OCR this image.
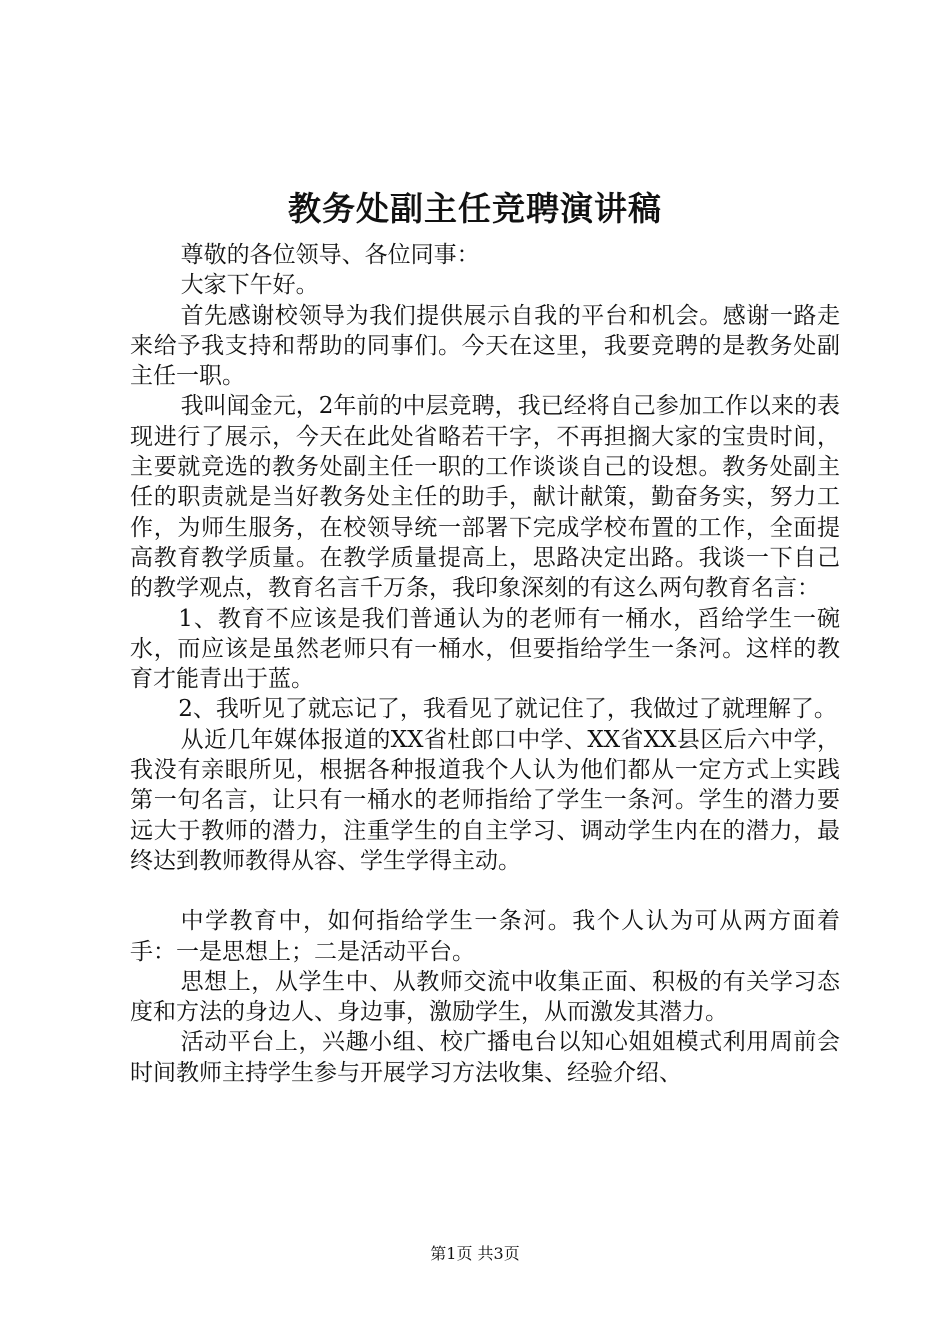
教务处副主任竞聘演讲稿

尊敬的各位领导、各位同事：

大家下午好。

首先感谢校领导为我们提供展示自我的平台和机会。感谢一路走来给予我支持和帮助的同事们。今天在这里，我要竞聘的是教务处副主任一职。

我叫闻金元，2年前的中层竞聘，我已经将自己参加工作以来的表现进行了展示，今天在此处省略若干字，不再担搁大家的宝贵时间，主要就竞选的教务处副主任一职的工作谈谈自己的设想。教务处副主任的职责就是当好教务处主任的助手，献计献策，勤奋务实，努力工作，为师生服务，在校领导统一部署下完成学校布置的工作，全面提高教育教学质量。在教学质量提高上，思路决定出路。我谈一下自己的教学观点，教育名言千万条，我印象深刻的有这么两句教育名言：

1、教育不应该是我们普通认为的老师有一桶水，舀给学生一碗水，而应该是虽然老师只有一桶水，但要指给学生一条河。这样的教育才能青出于蓝。

2、我听见了就忘记了，我看见了就记住了，我做过了就理解了。

从近几年媒体报道的XX省杜郎口中学、XX省XX县区后六中学，我没有亲眼所见，根据各种报道我个人认为他们都从一定方式上实践第一句名言，让只有一桶水的老师指给了学生一条河。学生的潜力要远大于教师的潜力，注重学生的自主学习、调动学生内在的潜力，最终达到教师教得从容、学生学得主动。

中学教育中，如何指给学生一条河。我个人认为可从两方面着手：一是思想上；二是活动平台。

思想上，从学生中、从教师交流中收集正面、积极的有关学习态度和方法的身边人、身边事，激励学生，从而激发其潜力。

活动平台上，兴趣小组、校广播电台以知心姐姐模式利用周前会时间教师主持学生参与开展学习方法收集、经验介绍、

第1页 共3页
